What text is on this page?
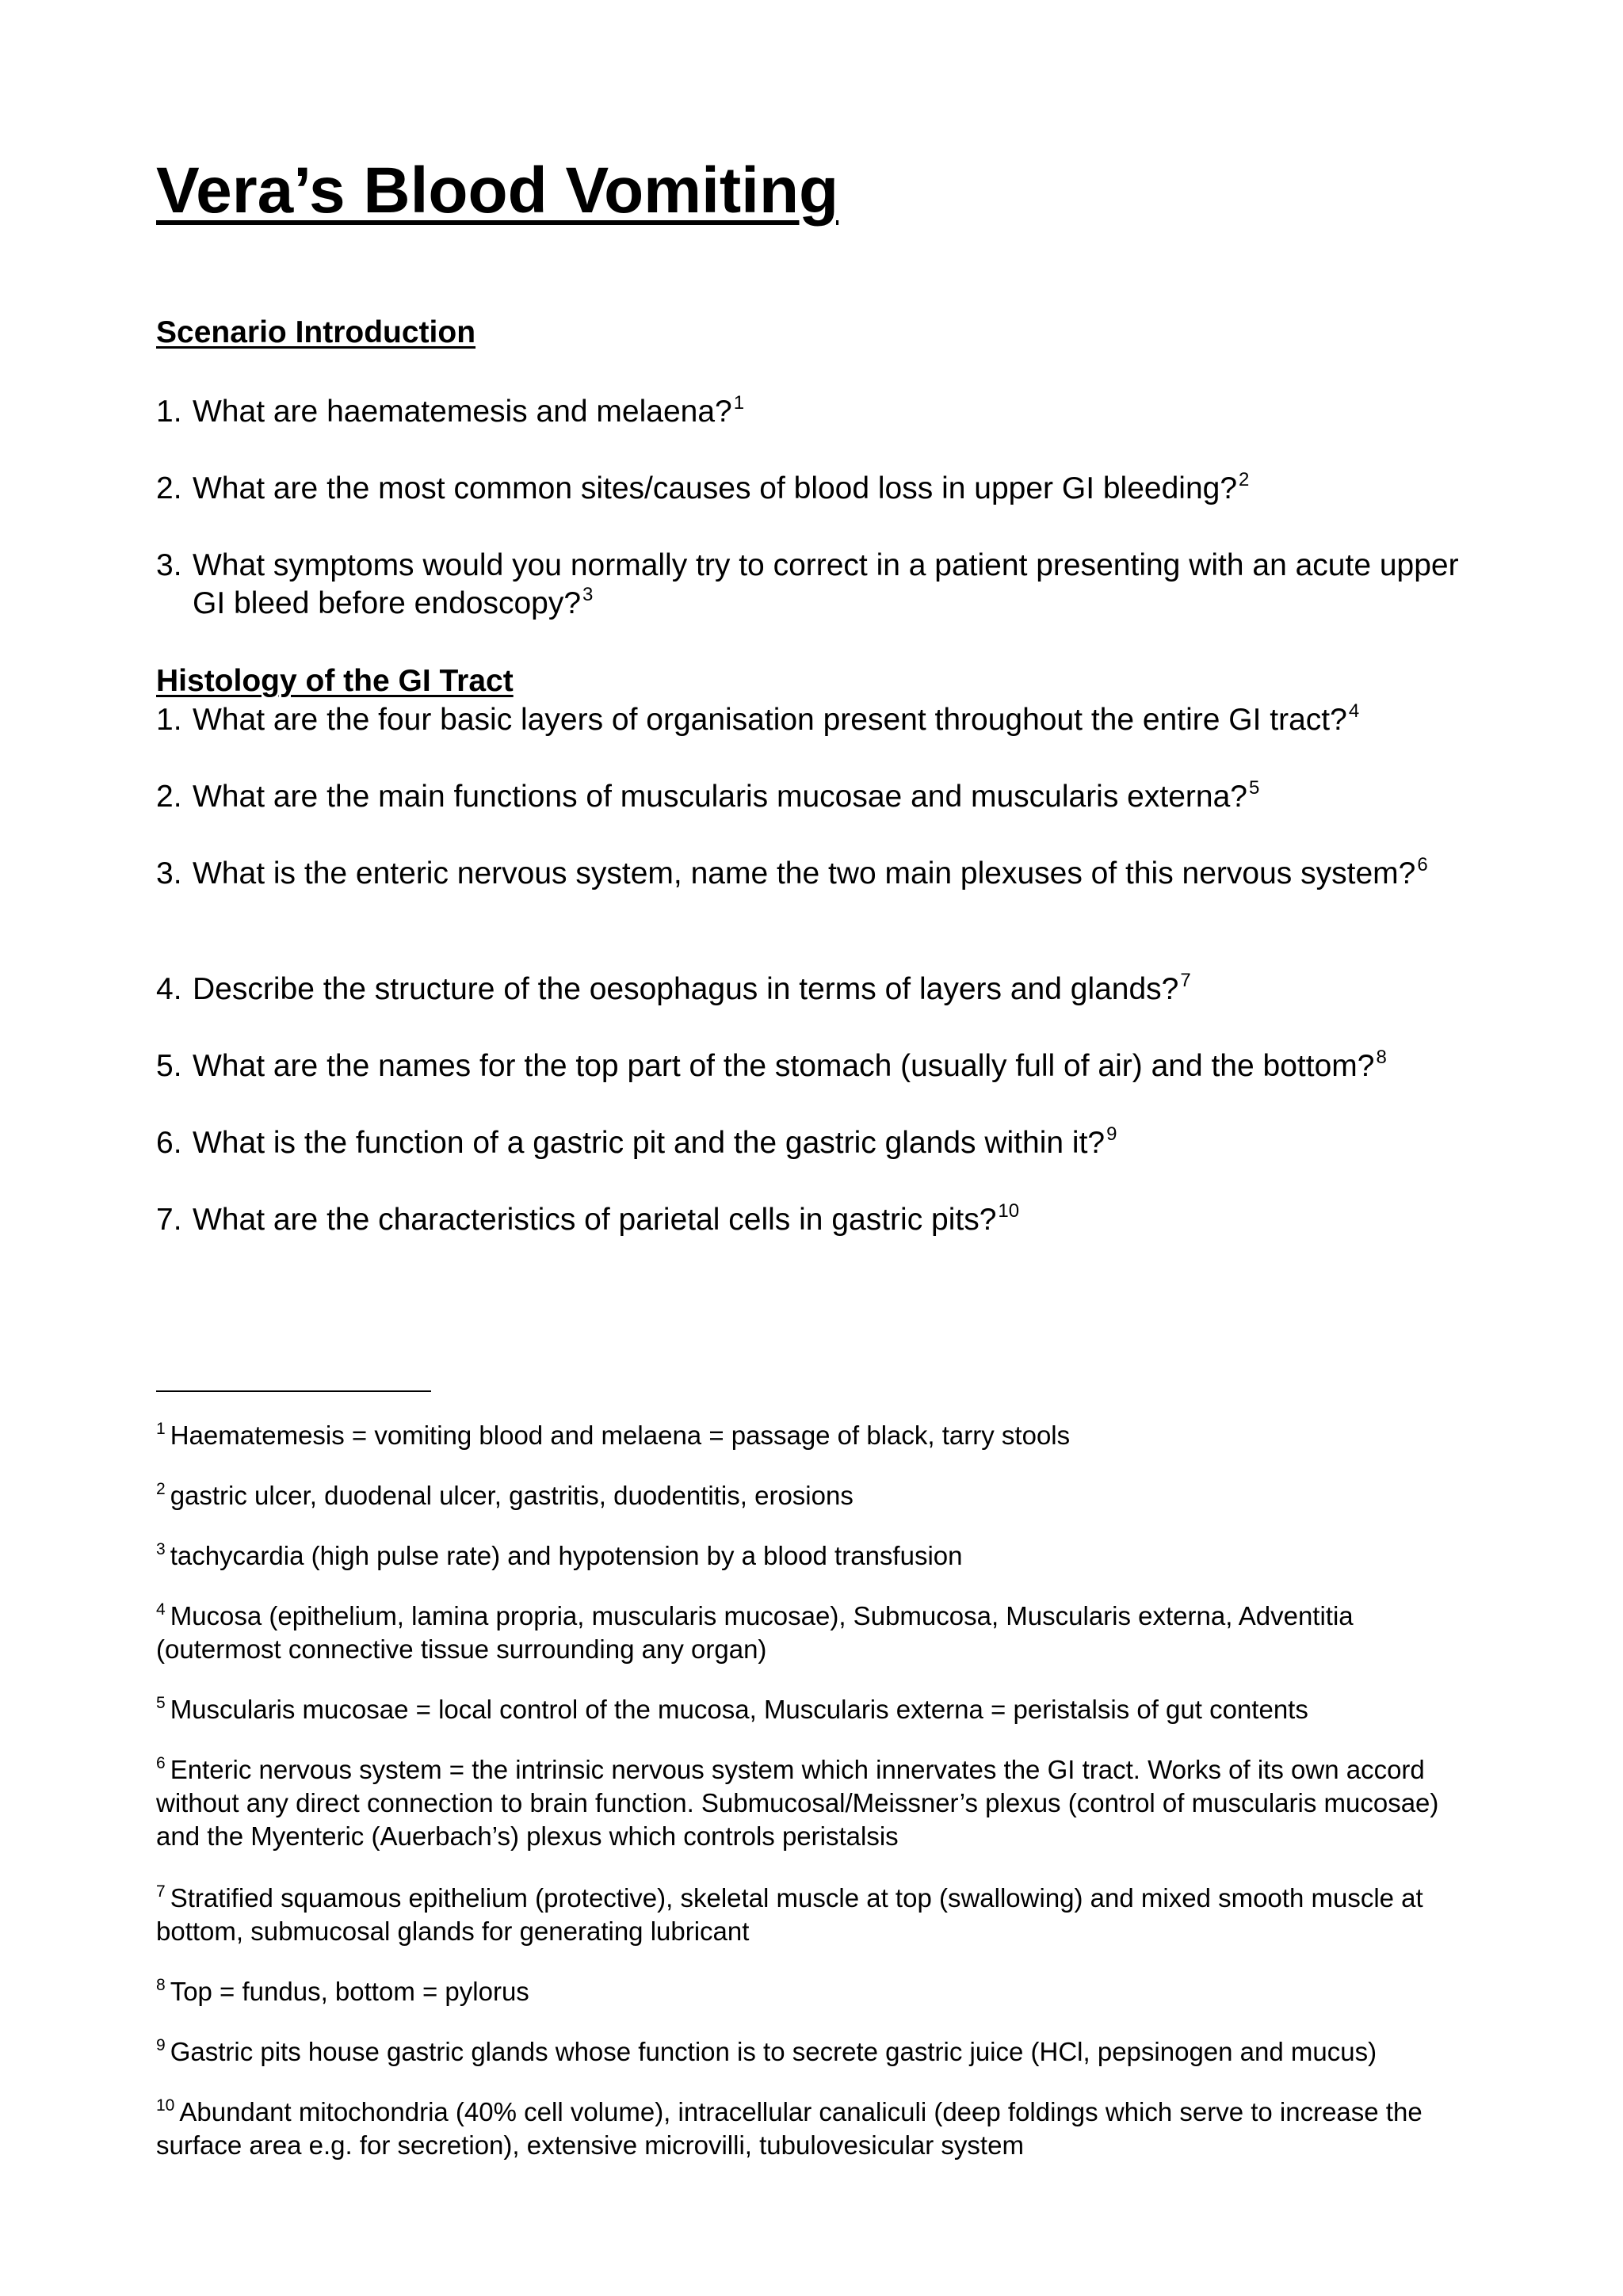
Vera’s Blood Vomiting
Scenario Introduction
1. What are haematemesis and melaena?$^1$
2. What are the most common sites/causes of blood loss in upper GI bleeding?$^2$
3. What symptoms would you normally try to correct in a patient presenting with an acute upper GI bleed before endoscopy?$^3$
Histology of the GI Tract
1. What are the four basic layers of organisation present throughout the entire GI tract?$^4$
2. What are the main functions of muscularis mucosae and muscularis externa?$^5$
3. What is the enteric nervous system, name the two main plexuses of this nervous system?$^6$
4. Describe the structure of the oesophagus in terms of layers and glands?$^7$
5. What are the names for the top part of the stomach (usually full of air) and the bottom?$^8$
6. What is the function of a gastric pit and the gastric glands within it?$^9$
7. What are the characteristics of parietal cells in gastric pits?$^{10}$
$^1$ Haematemesis = vomiting blood and melaena = passage of black, tarry stools
$^2$ gastric ulcer, duodenal ulcer, gastritis, duodentitis, erosions
$^3$ tachycardia (high pulse rate) and hypotension by a blood transfusion
$^4$ Mucosa (epithelium, lamina propria, muscularis mucosae), Submucosa, Muscularis externa, Adventitia (outermost connective tissue surrounding any organ)
$^5$ Muscularis mucosae = local control of the mucosa, Muscularis externa = peristalsis of gut contents
$^6$ Enteric nervous system = the intrinsic nervous system which innervates the GI tract. Works of its own accord without any direct connection to brain function. Submucosal/Meissner’s plexus (control of muscularis mucosae) and the Myenteric (Auerbach’s) plexus which controls peristalsis
$^7$ Stratified squamous epithelium (protective), skeletal muscle at top (swallowing) and mixed smooth muscle at bottom, submucosal glands for generating lubricant
$^8$ Top = fundus, bottom = pylorus
$^9$ Gastric pits house gastric glands whose function is to secrete gastric juice (HCl, pepsinogen and mucus)
$^{10}$ Abundant mitochondria (40% cell volume), intracellular canaliculi (deep foldings which serve to increase the surface area e.g. for secretion), extensive microvilli, tubulovesicular system
